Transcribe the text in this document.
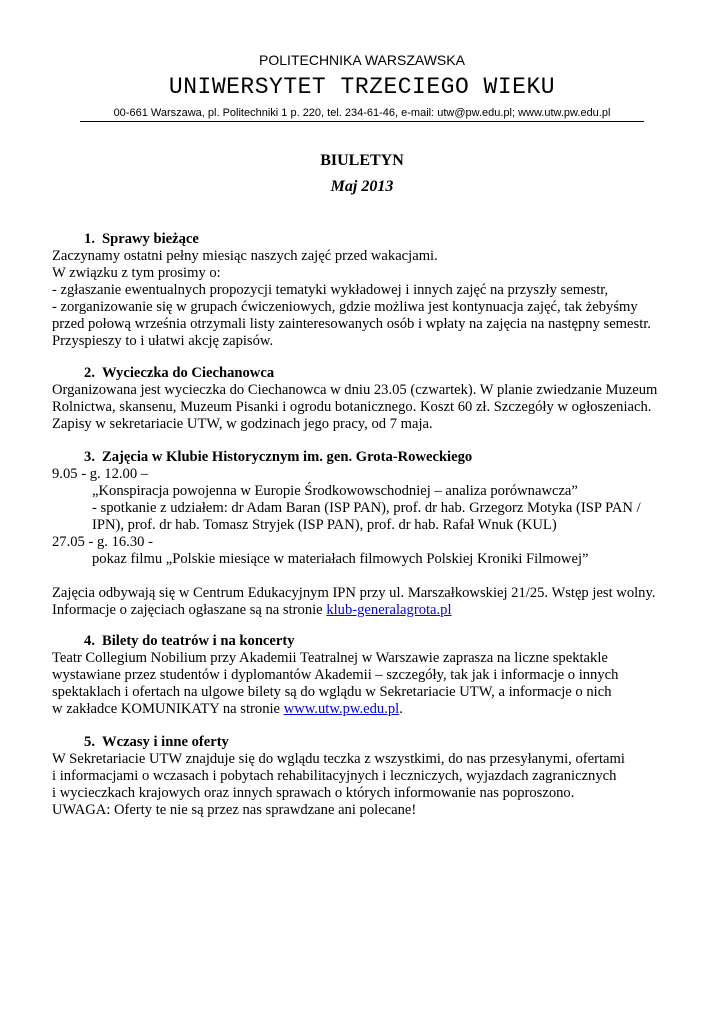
POLITECHNIKA WARSZAWSKA
UNIWERSYTET TRZECIEGO WIEKU
00-661 Warszawa, pl. Politechniki 1 p. 220, tel. 234-61-46, e-mail: utw@pw.edu.pl; www.utw.pw.edu.pl
BIULETYN
Maj 2013
1. Sprawy bieżące
Zaczynamy ostatni pełny miesiąc naszych zajęć przed wakacjami.
W związku z tym prosimy o:
- zgłaszanie ewentualnych propozycji tematyki wykładowej i innych zajęć na przyszły semestr,
- zorganizowanie się w grupach ćwiczeniowych, gdzie możliwa jest kontynuacja zajęć, tak żebyśmy
przed połową września otrzymali listy zainteresowanych osób i wpłaty na zajęcia na następny semestr.
Przyspieszy to i ułatwi akcję zapisów.
2. Wycieczka do Ciechanowca
Organizowana jest wycieczka do Ciechanowca w dniu 23.05 (czwartek). W planie zwiedzanie Muzeum
Rolnictwa, skansenu, Muzeum Pisanki i ogrodu botanicznego. Koszt 60 zł. Szczegóły w ogłoszeniach.
Zapisy w sekretariacie UTW, w godzinach jego pracy, od 7 maja.
3. Zajęcia w Klubie Historycznym im. gen. Grota-Roweckiego
9.05 - g. 12.00 –
„Konspiracja powojenna w Europie Środkowowschodniej – analiza porównawcza”
- spotkanie z udziałem: dr Adam Baran (ISP PAN), prof. dr hab. Grzegorz Motyka (ISP PAN /
IPN), prof. dr hab. Tomasz Stryjek (ISP PAN), prof. dr hab. Rafał Wnuk (KUL)
27.05 - g. 16.30 -
pokaz filmu „Polskie miesiące w materiałach filmowych Polskiej Kroniki Filmowej”
Zajęcia odbywają się w Centrum Edukacyjnym IPN przy ul. Marszałkowskiej 21/25. Wstęp jest wolny.
Informacje o zajęciach ogłaszane są na stronie klub-generalagrota.pl
4. Bilety do teatrów i na koncerty
Teatr Collegium Nobilium przy Akademii Teatralnej w Warszawie zaprasza na liczne spektakle
wystawiane przez studentów i dyplomantów Akademii – szczegóły, tak jak i informacje o innych
spektaklach i ofertach na ulgowe bilety są do wglądu w Sekretariacie UTW, a informacje o nich
w zakładce KOMUNIKATY na stronie www.utw.pw.edu.pl.
5. Wczasy i inne oferty
W Sekretariacie UTW znajduje się do wglądu teczka z wszystkimi, do nas przesyłanymi, ofertami
i informacjami o wczasach i pobytach rehabilitacyjnych i leczniczych, wyjazdach zagranicznych
i wycieczkach krajowych oraz innych sprawach o których informowanie nas poproszono.
UWAGA: Oferty te nie są przez nas sprawdzane ani polecane!
